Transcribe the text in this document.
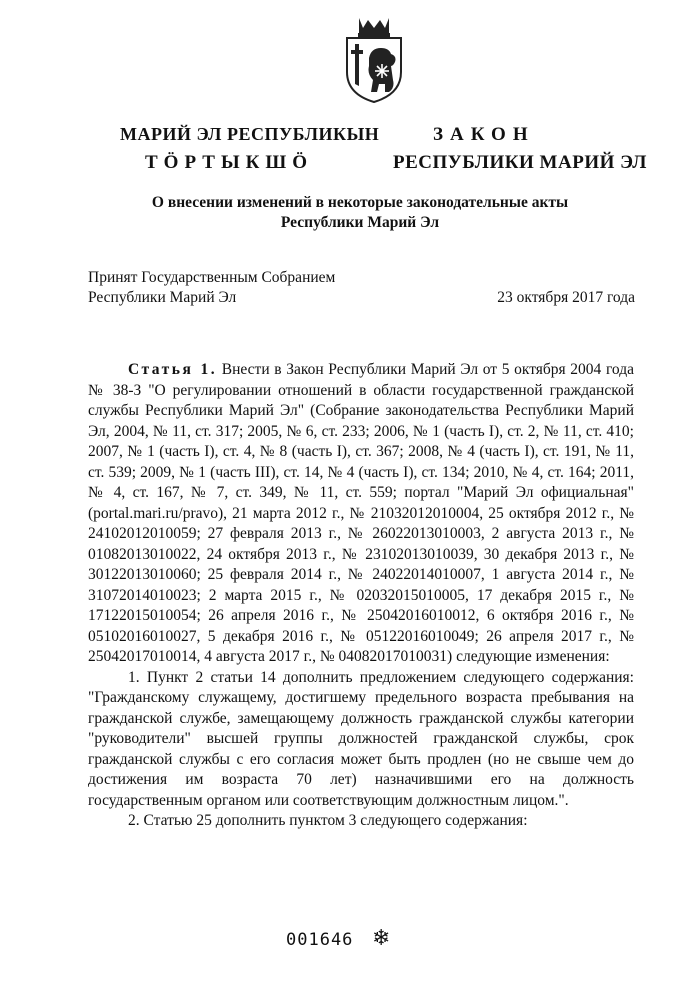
МАРИЙ ЭЛ РЕСПУБЛИКЫН
ТӦРТЫКШӦ
ЗАКОН
РЕСПУБЛИКИ МАРИЙ ЭЛ
О внесении изменений в некоторые законодательные акты
Республики Марий Эл
Принят Государственным Собранием
Республики Марий Эл	23 октября 2017 года

Статья 1. Внести в Закон Республики Марий Эл от 5 октября 2004 года № 38-З "О регулировании отношений в области государственной гражданской службы Республики Марий Эл" (Собрание законодательства Республики Марий Эл, 2004, № 11, ст. 317; 2005, № 6, ст. 233; 2006, № 1 (часть I), ст. 2, № 11, ст. 410; 2007, № 1 (часть I), ст. 4, № 8 (часть I), ст. 367; 2008, № 4 (часть I), ст. 191, № 11, ст. 539; 2009, № 1 (часть III), ст. 14, № 4 (часть I), ст. 134; 2010, № 4, ст. 164; 2011, № 4, ст. 167, № 7, ст. 349, № 11, ст. 559; портал "Марий Эл официальная" (portal.mari.ru/pravo), 21 марта 2012 г., № 21032012010004, 25 октября 2012 г., № 24102012010059; 27 февраля 2013 г., № 26022013010003, 2 августа 2013 г., № 01082013010022, 24 октября 2013 г., № 23102013010039, 30 декабря 2013 г., № 30122013010060; 25 февраля 2014 г., № 24022014010007, 1 августа 2014 г., № 31072014010023; 2 марта 2015 г., № 02032015010005, 17 декабря 2015 г., № 17122015010054; 26 апреля 2016 г., № 25042016010012, 6 октября 2016 г., № 05102016010027, 5 декабря 2016 г., № 05122016010049; 26 апреля 2017 г., № 25042017010014, 4 августа 2017 г., № 04082017010031) следующие изменения:

1. Пункт 2 статьи 14 дополнить предложением следующего содержания: "Гражданскому служащему, достигшему предельного возраста пребывания на гражданской службе, замещающему должность гражданской службы категории "руководители" высшей группы должностей гражданской службы, срок гражданской службы с его согласия может быть продлен (но не свыше чем до достижения им возраста 70 лет) назначившими его на должность государственным органом или соответствующим должностным лицом.".

2. Статью 25 дополнить пунктом 3 следующего содержания:

001646 ❄
